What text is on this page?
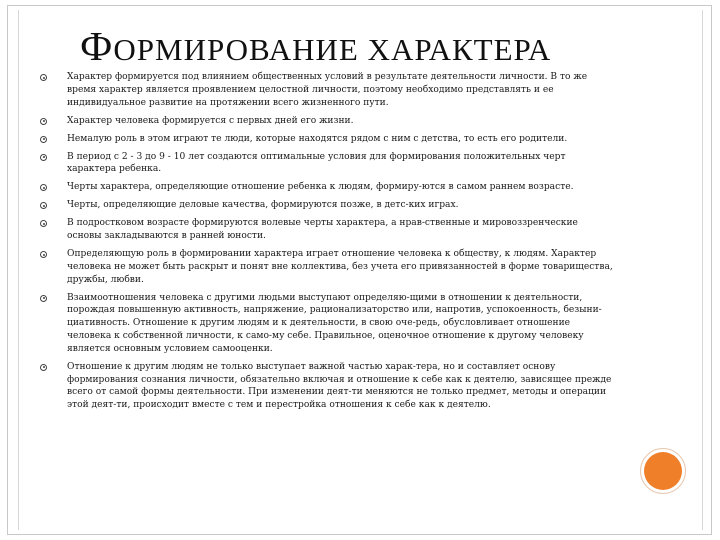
ФОРМИРОВАНИЕ ХАРАКТЕРА
Характер формируется под влиянием общественных условий в результате деятельности личности. В то же время характер является проявлением целостной личности, поэтому необходимо представлять и ее индивидуальное развитие на протяжении всего жизненного пути.
Характер человека формируется с первых дней его жизни.
Немалую роль в этом играют те люди, которые находятся рядом с ним с детства, то есть его родители.
В период с 2 - 3 до 9 - 10 лет создаются оптимальные условия для формирования положительных черт характера ребенка.
Черты характера, определяющие отношение ребенка к людям, формиру-ются в самом раннем возрасте.
Черты, определяющие деловые качества, формируются позже, в детс-ких играх.
В подростковом возрасте формируются волевые черты характера, а нрав-ственные и мировоззренческие основы закладываются в ранней юности.
Определяющую роль в формировании характера играет отношение человека к обществу, к людям. Характер человека не может быть раскрыт и понят вне коллектива, без учета его привязанностей в форме товарищества, дружбы, любви.
Взаимоотношения человека с другими людьми выступают определяю-щими в отношении к деятельности, порождая повышенную активность, напряжение, рационализаторство или, напротив, успокоенность, безыни-циативность. Отношение к другим людям и к деятельности, в свою оче-редь, обусловливает отношение человека к собственной личности, к само-му себе. Правильное, оценочное отношение к другому человеку является основным условием самооценки.
Отношение к другим людям не только выступает важной частью харак-тера, но и составляет основу формирования сознания личности, обязательно включая и отношение к себе как к деятелю, зависящее прежде всего от самой формы деятельности. При изменении деят-ти меняются не только предмет, методы и операции этой деят-ти, происходит вместе с тем и перестройка отношения к себе как к деятелю.
